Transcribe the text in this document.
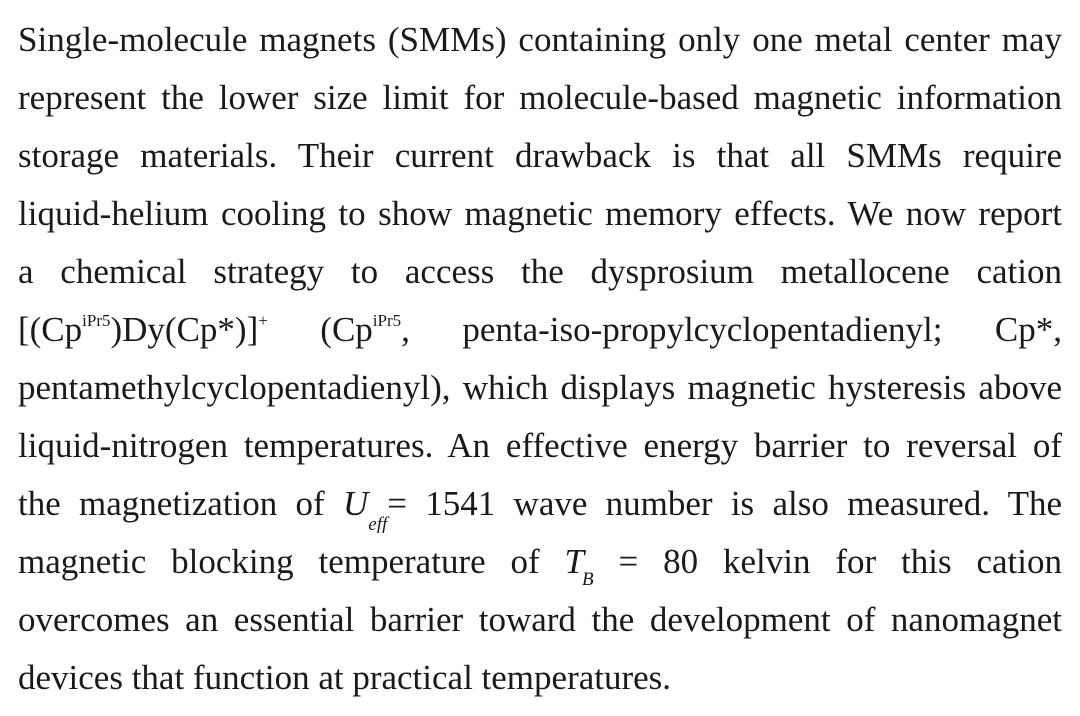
Single-molecule magnets (SMMs) containing only one metal center may
represent the lower size limit for molecule-based magnetic information
storage materials. Their current drawback is that all SMMs require
liquid-helium cooling to show magnetic memory effects. We now report
a chemical strategy to access the dysprosium metallocene cation
$[(Cp^{iPr5})Dy(Cp*)]^+$ ($Cp^{iPr5}$, penta-iso-propylcyclopentadienyl; Cp*,
pentamethylcyclopentadienyl), which displays magnetic hysteresis above
liquid-nitrogen temperatures. An effective energy barrier to reversal of
the magnetization of $U_{eff}= 1541$ wave number is also measured. The
magnetic blocking temperature of $T_B = 80$ kelvin for this cation
overcomes an essential barrier toward the development of nanomagnet
devices that function at practical temperatures.
